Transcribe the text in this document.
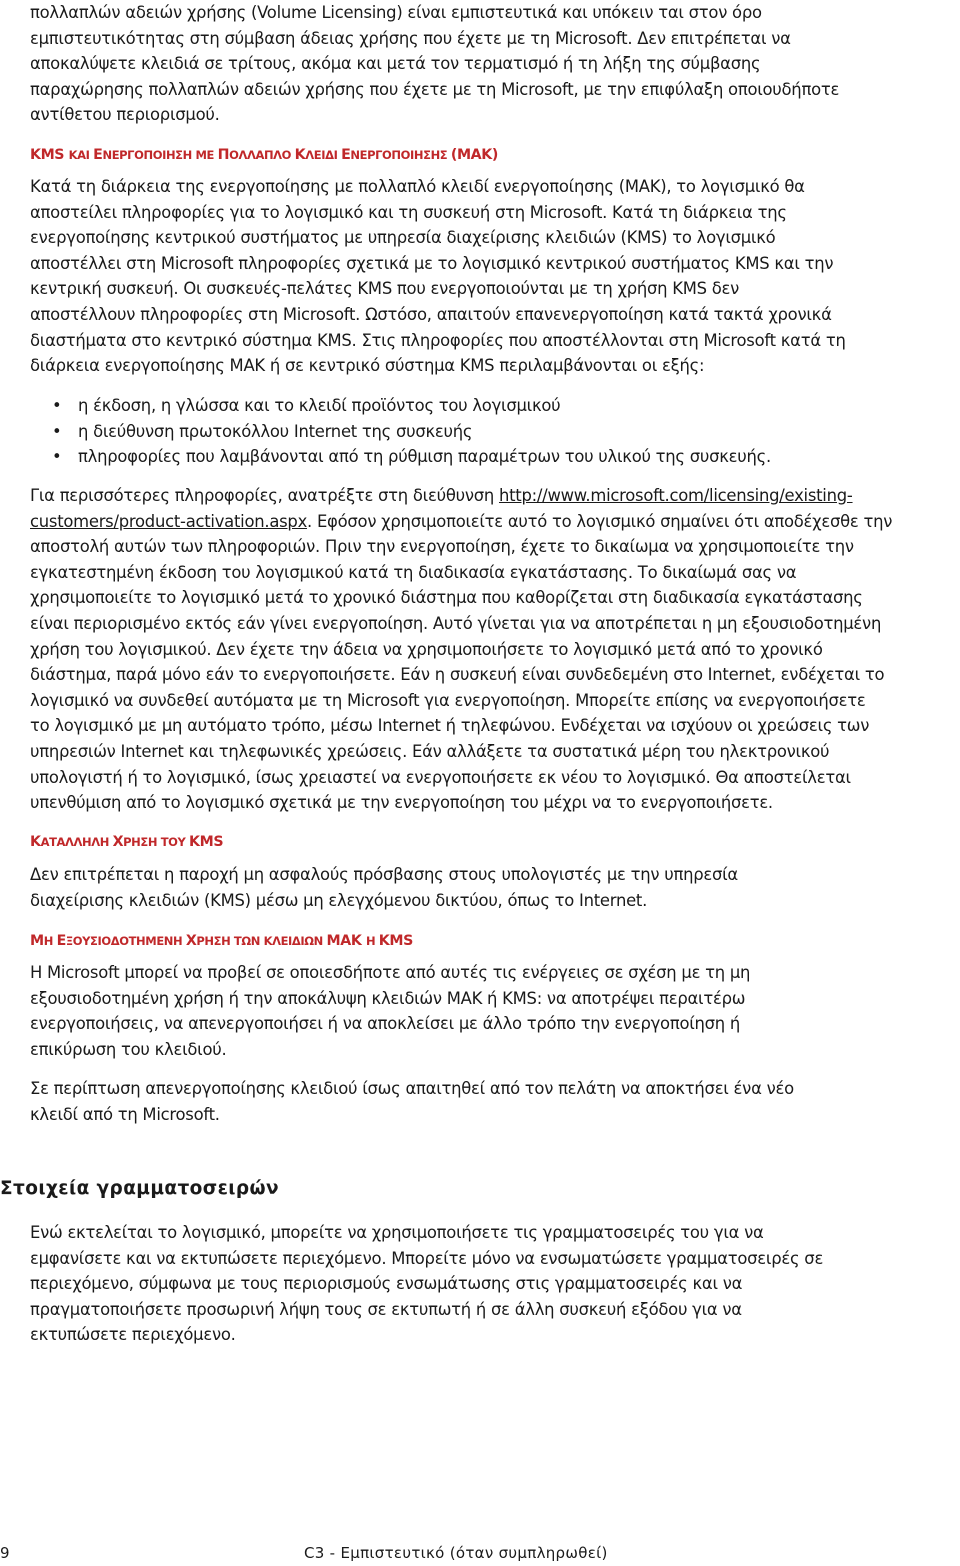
πολλαπλών αδειών χρήσης (Volume Licensing) είναι εμπιστευτικά και υπόκειν ται στον όρο

εμπιστευτικότητας στη σύμβαση άδειας χρήσης που έχετε με τη Microsoft. Δεν επιτρέπεται να

αποκαλύψετε κλειδιά σε τρίτους, ακόμα και μετά τον τερματισμό ή τη λήξη της σύμβασης

παραχώρησης πολλαπλών αδειών χρήσης που έχετε με τη Microsoft, με την επιφύλαξη οποιουδήποτε

αντίθετου περιορισμού.

KMS ΚΑΙ ΕΝΕΡΓΟΠΟΙΗΣΗ ΜΕ ΠΟΛΛΑΠΛΟ ΚΛΕΙΔΙ ΕΝΕΡΓΟΠΟΙΗΣΗΣ (MAK)

Κατά τη διάρκεια της ενεργοποίησης με πολλαπλό κλειδί ενεργοποίησης (MAK), το λογισμικό θα

αποστείλει πληροφορίες για το λογισμικό και τη συσκευή στη Microsoft. Κατά τη διάρκεια της

ενεργοποίησης κεντρικού συστήματος με υπηρεσία διαχείρισης κλειδιών (KMS) το λογισμικό

αποστέλλει στη Microsoft πληροφορίες σχετικά με το λογισμικό κεντρικού συστήματος KMS και την

κεντρική συσκευή. Οι συσκευές-πελάτες KMS που ενεργοποιούνται με τη χρήση KMS δεν

αποστέλλουν πληροφορίες στη Microsoft. Ωστόσο, απαιτούν επανενεργοποίηση κατά τακτά χρονικά

διαστήματα στο κεντρικό σύστημα KMS. Στις πληροφορίες που αποστέλλονται στη Microsoft κατά τη

διάρκεια ενεργοποίησης MAK ή σε κεντρικό σύστημα KMS περιλαμβάνονται οι εξής:

• η έκδοση, η γλώσσα και το κλειδί προϊόντος του λογισμικού
• η διεύθυνση πρωτοκόλλου Internet της συσκευής
• πληροφορίες που λαμβάνονται από τη ρύθμιση παραμέτρων του υλικού της συσκευής.

Για περισσότερες πληροφορίες, ανατρέξτε στη διεύθυνση http://www.microsoft.com/licensing/existing-

customers/product-activation.aspx. Εφόσον χρησιμοποιείτε αυτό το λογισμικό σημαίνει ότι αποδέχεσθε την

αποστολή αυτών των πληροφοριών. Πριν την ενεργοποίηση, έχετε το δικαίωμα να χρησιμοποιείτε την

εγκατεστημένη έκδοση του λογισμικού κατά τη διαδικασία εγκατάστασης. Το δικαίωμά σας να

χρησιμοποιείτε το λογισμικό μετά το χρονικό διάστημα που καθορίζεται στη διαδικασία εγκατάστασης

είναι περιορισμένο εκτός εάν γίνει ενεργοποίηση. Αυτό γίνεται για να αποτρέπεται η μη εξουσιοδοτημένη

χρήση του λογισμικού. Δεν έχετε την άδεια να χρησιμοποιήσετε το λογισμικό μετά από το χρονικό

διάστημα, παρά μόνο εάν το ενεργοποιήσετε. Εάν η συσκευή είναι συνδεδεμένη στο Internet, ενδέχεται το

λογισμικό να συνδεθεί αυτόματα με τη Microsoft για ενεργοποίηση. Μπορείτε επίσης να ενεργοποιήσετε

το λογισμικό με μη αυτόματο τρόπο, μέσω Internet ή τηλεφώνου. Ενδέχεται να ισχύουν οι χρεώσεις των

υπηρεσιών Internet και τηλεφωνικές χρεώσεις. Εάν αλλάξετε τα συστατικά μέρη του ηλεκτρονικού

υπολογιστή ή το λογισμικό, ίσως χρειαστεί να ενεργοποιήσετε εκ νέου το λογισμικό. Θα αποστείλεται

υπενθύμιση από το λογισμικό σχετικά με την ενεργοποίηση του μέχρι να το ενεργοποιήσετε.

ΚΑΤΑΛΛΗΛΗ ΧΡΗΣΗ ΤΟΥ KMS

Δεν επιτρέπεται η παροχή μη ασφαλούς πρόσβασης στους υπολογιστές με την υπηρεσία

διαχείρισης κλειδιών (KMS) μέσω μη ελεγχόμενου δικτύου, όπως το Internet.

ΜΗ ΕΞΟΥΣΙΟΔΟΤΗΜΕΝΗ ΧΡΗΣΗ ΤΩΝ ΚΛΕΙΔΙΩΝ MAK Η KMS

Η Microsoft μπορεί να προβεί σε οποιεσδήποτε από αυτές τις ενέργειες σε σχέση με τη μη

εξουσιοδοτημένη χρήση ή την αποκάλυψη κλειδιών MAK ή KMS: να αποτρέψει περαιτέρω

ενεργοποιήσεις, να απενεργοποιήσει ή να αποκλείσει με άλλο τρόπο την ενεργοποίηση ή

επικύρωση του κλειδιού.

Σε περίπτωση απενεργοποίησης κλειδιού ίσως απαιτηθεί από τον πελάτη να αποκτήσει ένα νέο

κλειδί από τη Microsoft.

Στοιχεία γραμματοσειρών

Ενώ εκτελείται το λογισμικό, μπορείτε να χρησιμοποιήσετε τις γραμματοσειρές του για να

εμφανίσετε και να εκτυπώσετε περιεχόμενο. Μπορείτε μόνο να ενσωματώσετε γραμματοσειρές σε

περιεχόμενο, σύμφωνα με τους περιορισμούς ενσωμάτωσης στις γραμματοσειρές και να

πραγματοποιήσετε προσωρινή λήψη τους σε εκτυπωτή ή σε άλλη συσκευή εξόδου για να

εκτυπώσετε περιεχόμενο.

9	C3 - Εμπιστευτικό (όταν συμπληρωθεί)
